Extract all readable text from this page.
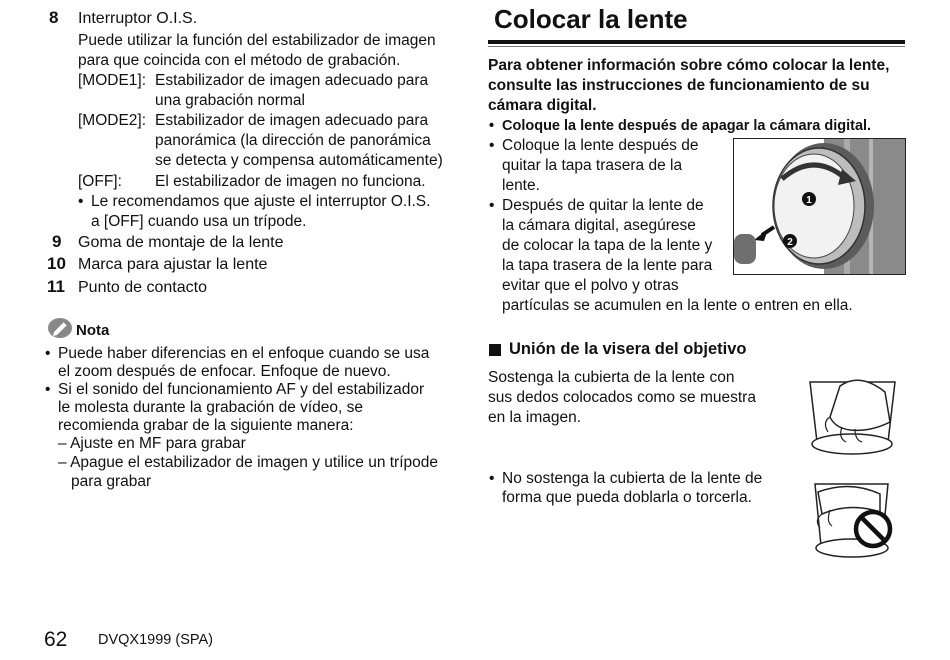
8 Interruptor O.I.S.
Puede utilizar la función del estabilizador de imagen
para que coincida con el método de grabación.
[MODE1]: Estabilizador de imagen adecuado para
una grabación normal
[MODE2]: Estabilizador de imagen adecuado para
panorámica (la dirección de panorámica
se detecta y compensa automáticamente)
[OFF]: El estabilizador de imagen no funciona.
• Le recomendamos que ajuste el interruptor O.I.S.
a [OFF] cuando usa un trípode.
9 Goma de montaje de la lente
10 Marca para ajustar la lente
11 Punto de contacto
Nota
• Puede haber diferencias en el enfoque cuando se usa
el zoom después de enfocar. Enfoque de nuevo.
• Si el sonido del funcionamiento AF y del estabilizador
le molesta durante la grabación de vídeo, se
recomienda grabar de la siguiente manera:
– Ajuste en MF para grabar
– Apague el estabilizador de imagen y utilice un trípode
para grabar
Colocar la lente
Para obtener información sobre cómo colocar la lente,
consulte las instrucciones de funcionamiento de su
cámara digital.
• Coloque la lente después de apagar la cámara digital.
• Coloque la lente después de
quitar la tapa trasera de la
lente.
• Después de quitar la lente de
la cámara digital, asegúrese
de colocar la tapa de la lente y
la tapa trasera de la lente para
evitar que el polvo y otras
partículas se acumulen en la lente o entren en ella.
1
2
Unión de la visera del objetivo
Sostenga la cubierta de la lente con
sus dedos colocados como se muestra
en la imagen.
• No sostenga la cubierta de la lente de
forma que pueda doblarla o torcerla.
62 DVQX1999 (SPA)
